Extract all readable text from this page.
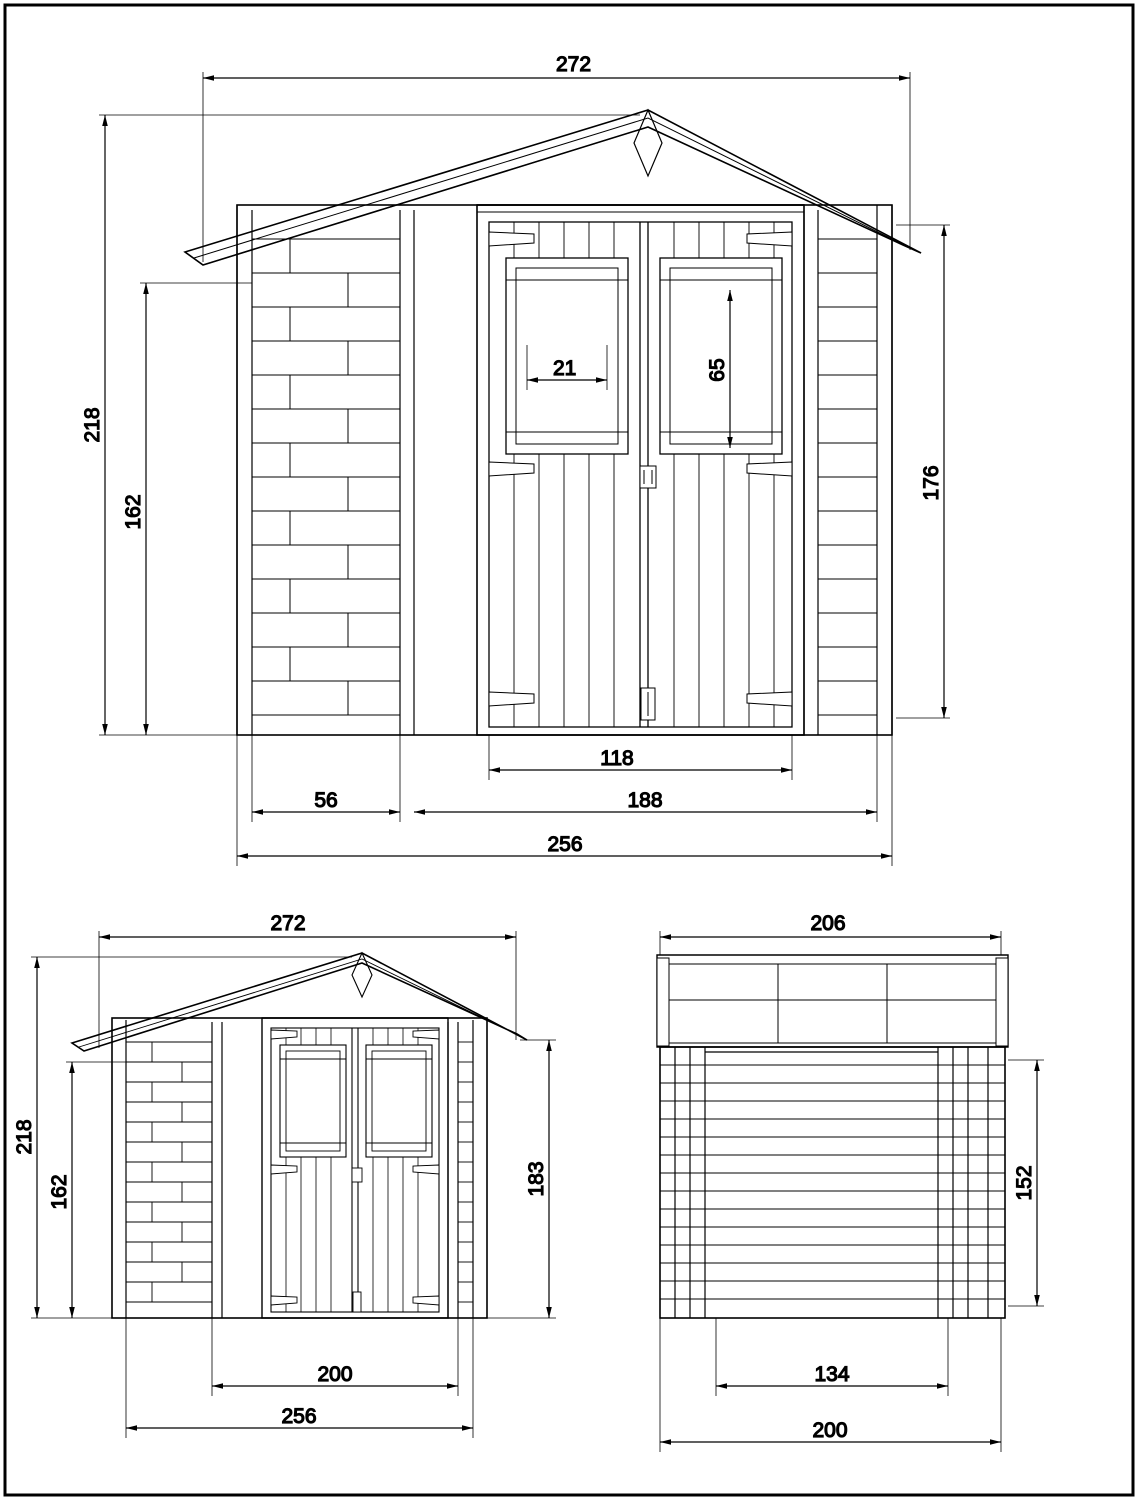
272
218
162
176
21	65
118
56	188
256
272
218
162	183
200
256
206
152
134
200
